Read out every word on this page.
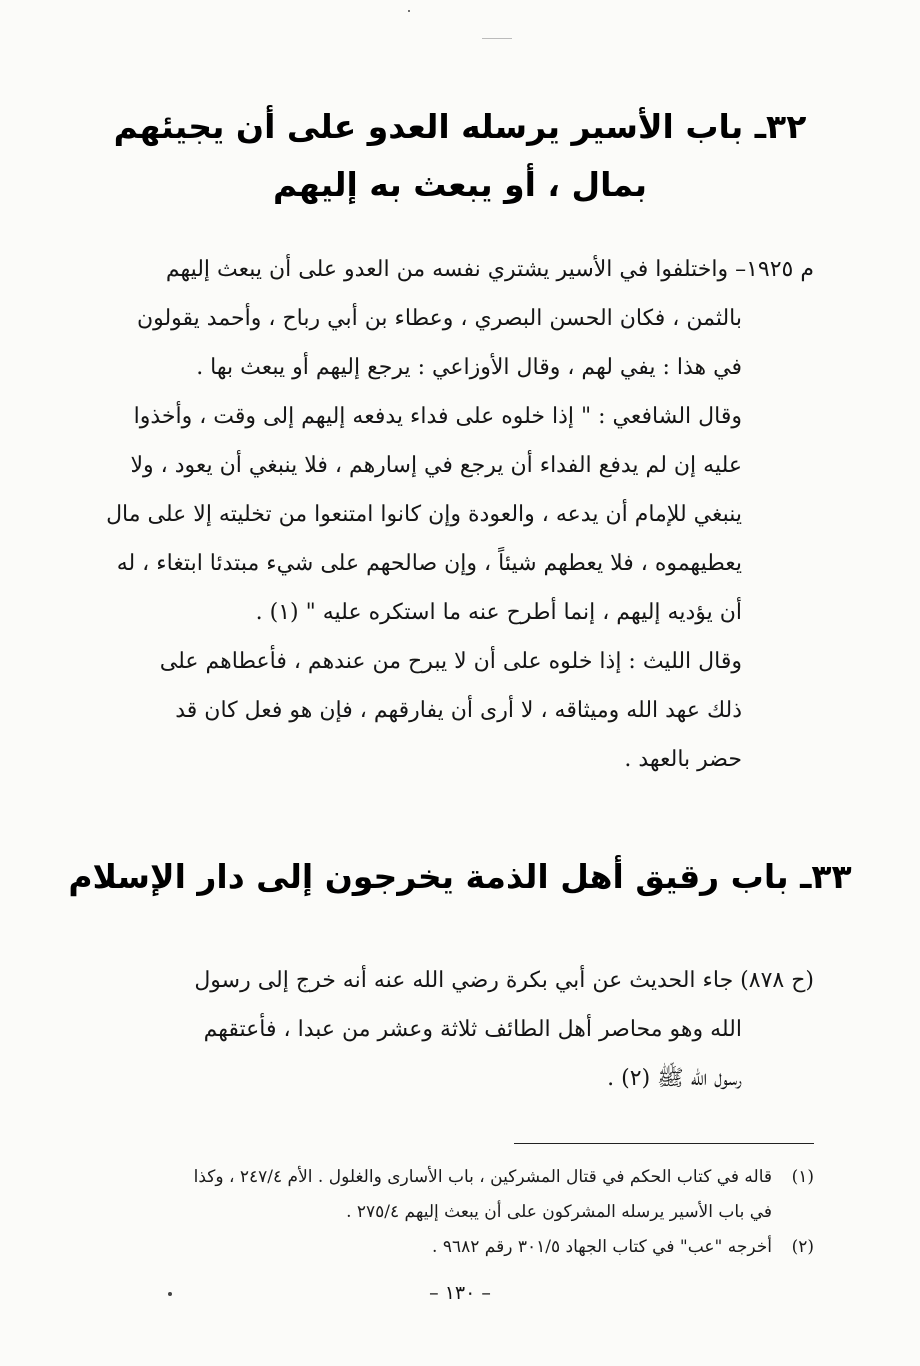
٣٢ـ باب الأسير يرسله العدو على أن يجيئهم
بمال ، أو يبعث به إليهم
م ١٩٢٥– واختلفوا في الأسير يشتري نفسه من العدو على أن يبعث إليهم
بالثمن ، فكان الحسن البصري ، وعطاء بن أبي رباح ، وأحمد يقولون
في هذا : يفي لهم ، وقال الأوزاعي : يرجع إليهم أو يبعث بها .
وقال الشافعي : " إذا خلوه على فداء يدفعه إليهم إلى وقت ، وأخذوا
عليه إن لم يدفع الفداء أن يرجع في إسارهم ، فلا ينبغي أن يعود ، ولا
ينبغي للإمام أن يدعه ، والعودة وإن كانوا امتنعوا من تخليته إلا على مال
يعطيهموه ، فلا يعطهم شيئاً ، وإن صالحهم على شيء مبتدئا ابتغاء ، له
أن يؤديه إليهم ، إنما أطرح عنه ما استكره عليه " (١) .
وقال الليث : إذا خلوه على أن لا يبرح من عندهم ، فأعطاهم على
ذلك عهد الله وميثاقه ، لا أرى أن يفارقهم ، فإن هو فعل كان قد
حضر بالعهد .
٣٣ـ باب رقيق أهل الذمة يخرجون إلى دار الإسلام
(ح ٨٧٨) جاء الحديث عن أبي بكرة رضي الله عنه أنه خرج إلى رسول
الله وهو محاصر أهل الطائف ثلاثة وعشر من عبدا ، فأعتقهم
رسول الله ﷺ (٢) .
(١)قاله في كتاب الحكم في قتال المشركين ، باب الأسارى والغلول . الأم ٢٤٧/٤ ، وكذا
في باب الأسير يرسله المشركون على أن يبعث إليهم ٢٧٥/٤ .
(٢)أخرجه "عب" في كتاب الجهاد ٣٠١/٥ رقم ٩٦٨٢ .
– ١٣٠ –
